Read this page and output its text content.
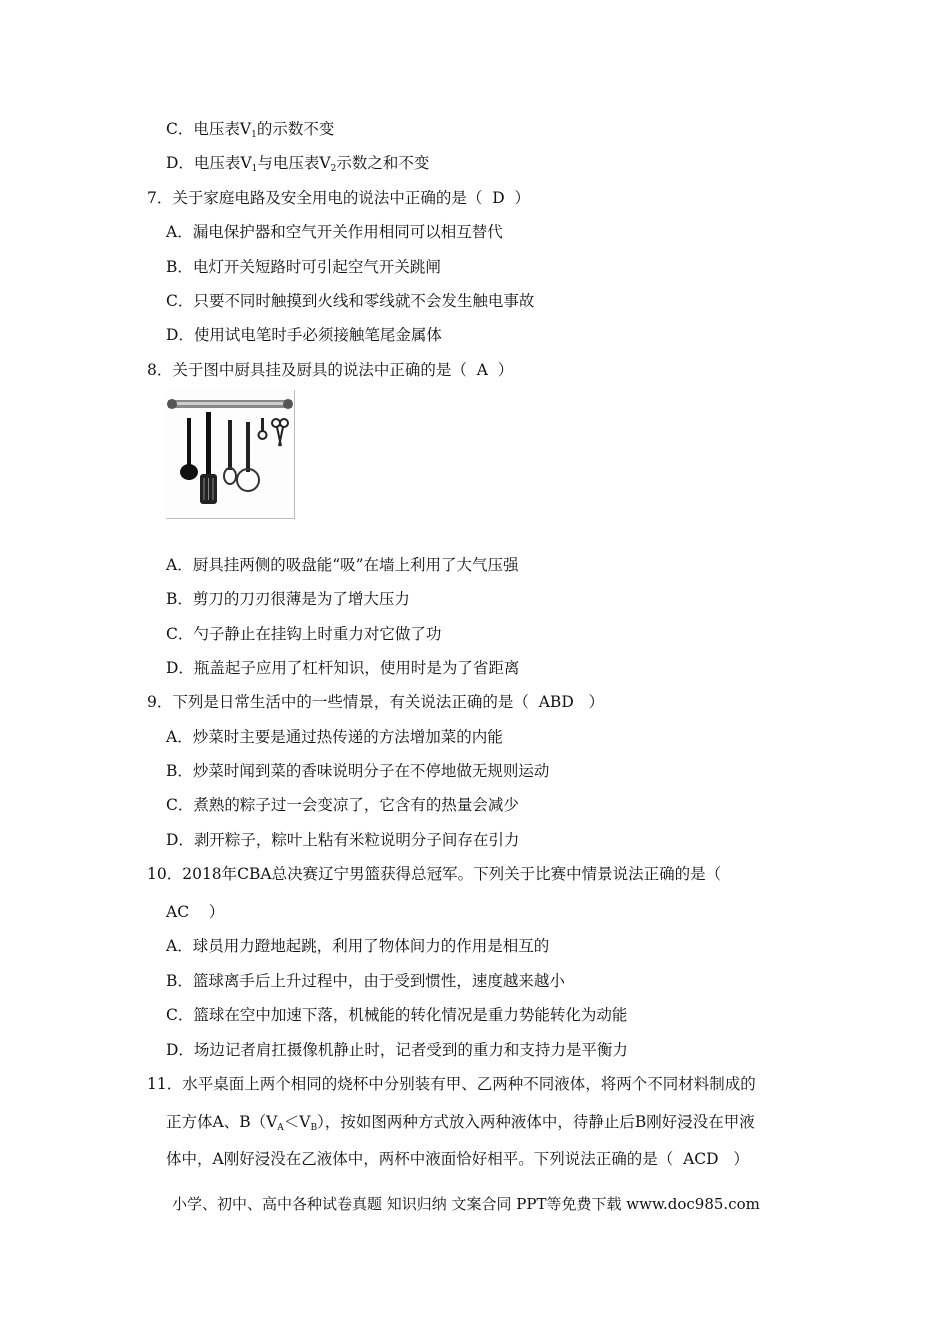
C．电压表$V_1$的示数不变
D．电压表$V_1$与电压表$V_2$示数之和不变
7．关于家庭电路及安全用电的说法中正确的是（ D ）
A．漏电保护器和空气开关作用相同可以相互替代
B．电灯开关短路时可引起空气开关跳闸
C．只要不同时触摸到火线和零线就不会发生触电事故
D．使用试电笔时手必须接触笔尾金属体
8．关于图中厨具挂及厨具的说法中正确的是（ A ）
A．厨具挂两侧的吸盘能“吸”在墙上利用了大气压强
B．剪刀的刀刃很薄是为了增大压力
C．勺子静止在挂钩上时重力对它做了功
D．瓶盖起子应用了杠杆知识，使用时是为了省距离
9．下列是日常生活中的一些情景，有关说法正确的是（ ABD ）
A．炒菜时主要是通过热传递的方法增加菜的内能
B．炒菜时闻到菜的香味说明分子在不停地做无规则运动
C．煮熟的粽子过一会变凉了，它含有的热量会减少
D．剥开粽子，粽叶上粘有米粒说明分子间存在引力
10．2018年CBA总决赛辽宁男篮获得总冠军。下列关于比赛中情景说法正确的是（
AC ）
A．球员用力蹬地起跳，利用了物体间力的作用是相互的
B．篮球离手后上升过程中，由于受到惯性，速度越来越小
C．篮球在空中加速下落，机械能的转化情况是重力势能转化为动能
D．场边记者肩扛摄像机静止时，记者受到的重力和支持力是平衡力
11．水平桌面上两个相同的烧杯中分别装有甲、乙两种不同液体，将两个不同材料制成的
正方体A、$B(V_A<V_B)$，按如图两种方式放入两种液体中，待静止后B刚好浸没在甲液
体中，A刚好浸没在乙液体中，两杯中液面恰好相平。下列说法正确的是（ ACD ）
小学、初中、高中各种试卷真题 知识归纳 文案合同 PPT等免费下载 www.doc985.com
